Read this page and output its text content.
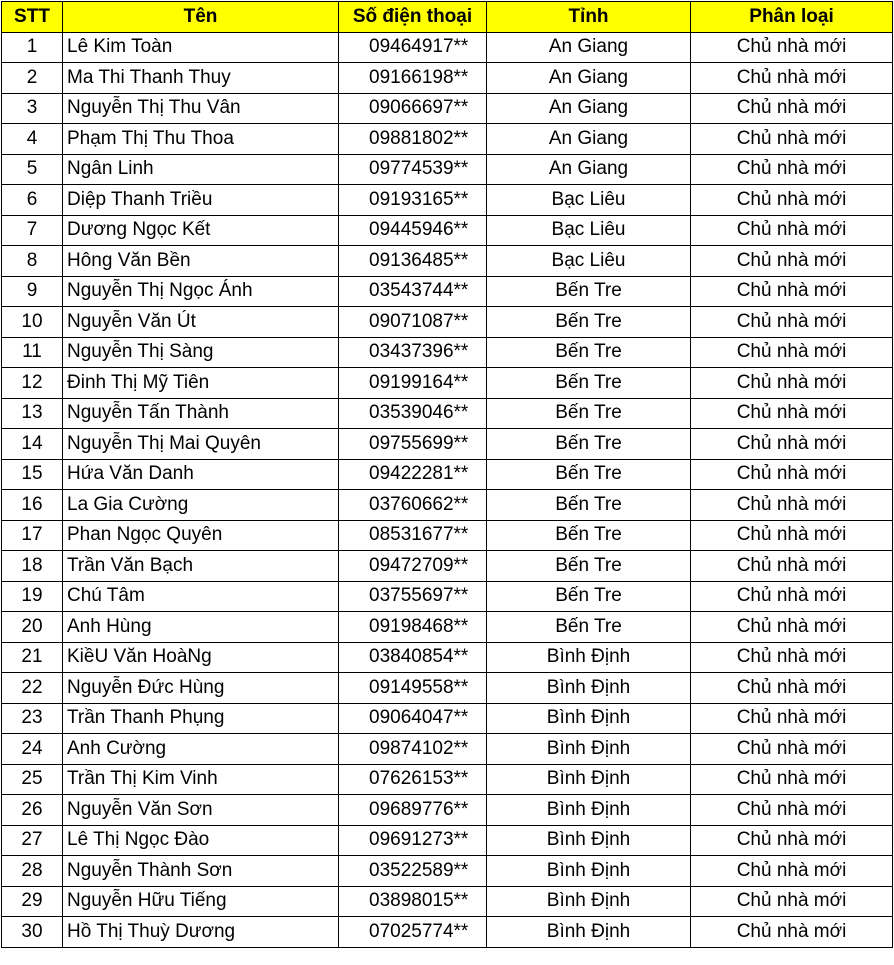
STT	Tên	Số điện thoại	Tỉnh	Phân loại
1	Lê Kim Toàn	09464917**	An Giang	Chủ nhà mới
2	Ma Thi Thanh Thuy	09166198**	An Giang	Chủ nhà mới
3	Nguyễn Thị Thu Vân	09066697**	An Giang	Chủ nhà mới
4	Phạm Thị Thu Thoa	09881802**	An Giang	Chủ nhà mới
5	Ngân Linh	09774539**	An Giang	Chủ nhà mới
6	Diệp Thanh Triều	09193165**	Bạc Liêu	Chủ nhà mới
7	Dương Ngọc Kết	09445946**	Bạc Liêu	Chủ nhà mới
8	Hông Văn Bền	09136485**	Bạc Liêu	Chủ nhà mới
9	Nguyễn Thị Ngọc Ánh	03543744**	Bến Tre	Chủ nhà mới
10	Nguyễn Văn Út	09071087**	Bến Tre	Chủ nhà mới
11	Nguyễn Thị Sàng	03437396**	Bến Tre	Chủ nhà mới
12	Đinh Thị Mỹ Tiên	09199164**	Bến Tre	Chủ nhà mới
13	Nguyễn Tấn Thành	03539046**	Bến Tre	Chủ nhà mới
14	Nguyễn Thị Mai Quyên	09755699**	Bến Tre	Chủ nhà mới
15	Hứa Văn Danh	09422281**	Bến Tre	Chủ nhà mới
16	La Gia Cường	03760662**	Bến Tre	Chủ nhà mới
17	Phan Ngọc Quyên	08531677**	Bến Tre	Chủ nhà mới
18	Trần Văn Bạch	09472709**	Bến Tre	Chủ nhà mới
19	Chú Tâm	03755697**	Bến Tre	Chủ nhà mới
20	Anh Hùng	09198468**	Bến Tre	Chủ nhà mới
21	KiềU Văn HoàNg	03840854**	Bình Định	Chủ nhà mới
22	Nguyễn Đức Hùng	09149558**	Bình Định	Chủ nhà mới
23	Trần Thanh Phụng	09064047**	Bình Định	Chủ nhà mới
24	Anh Cường	09874102**	Bình Định	Chủ nhà mới
25	Trần Thị Kim Vinh	07626153**	Bình Định	Chủ nhà mới
26	Nguyễn Văn Sơn	09689776**	Bình Định	Chủ nhà mới
27	Lê Thị Ngọc Đào	09691273**	Bình Định	Chủ nhà mới
28	Nguyễn Thành Sơn	03522589**	Bình Định	Chủ nhà mới
29	Nguyễn Hữu Tiếng	03898015**	Bình Định	Chủ nhà mới
30	Hồ Thị Thuỳ Dương	07025774**	Bình Định	Chủ nhà mới
